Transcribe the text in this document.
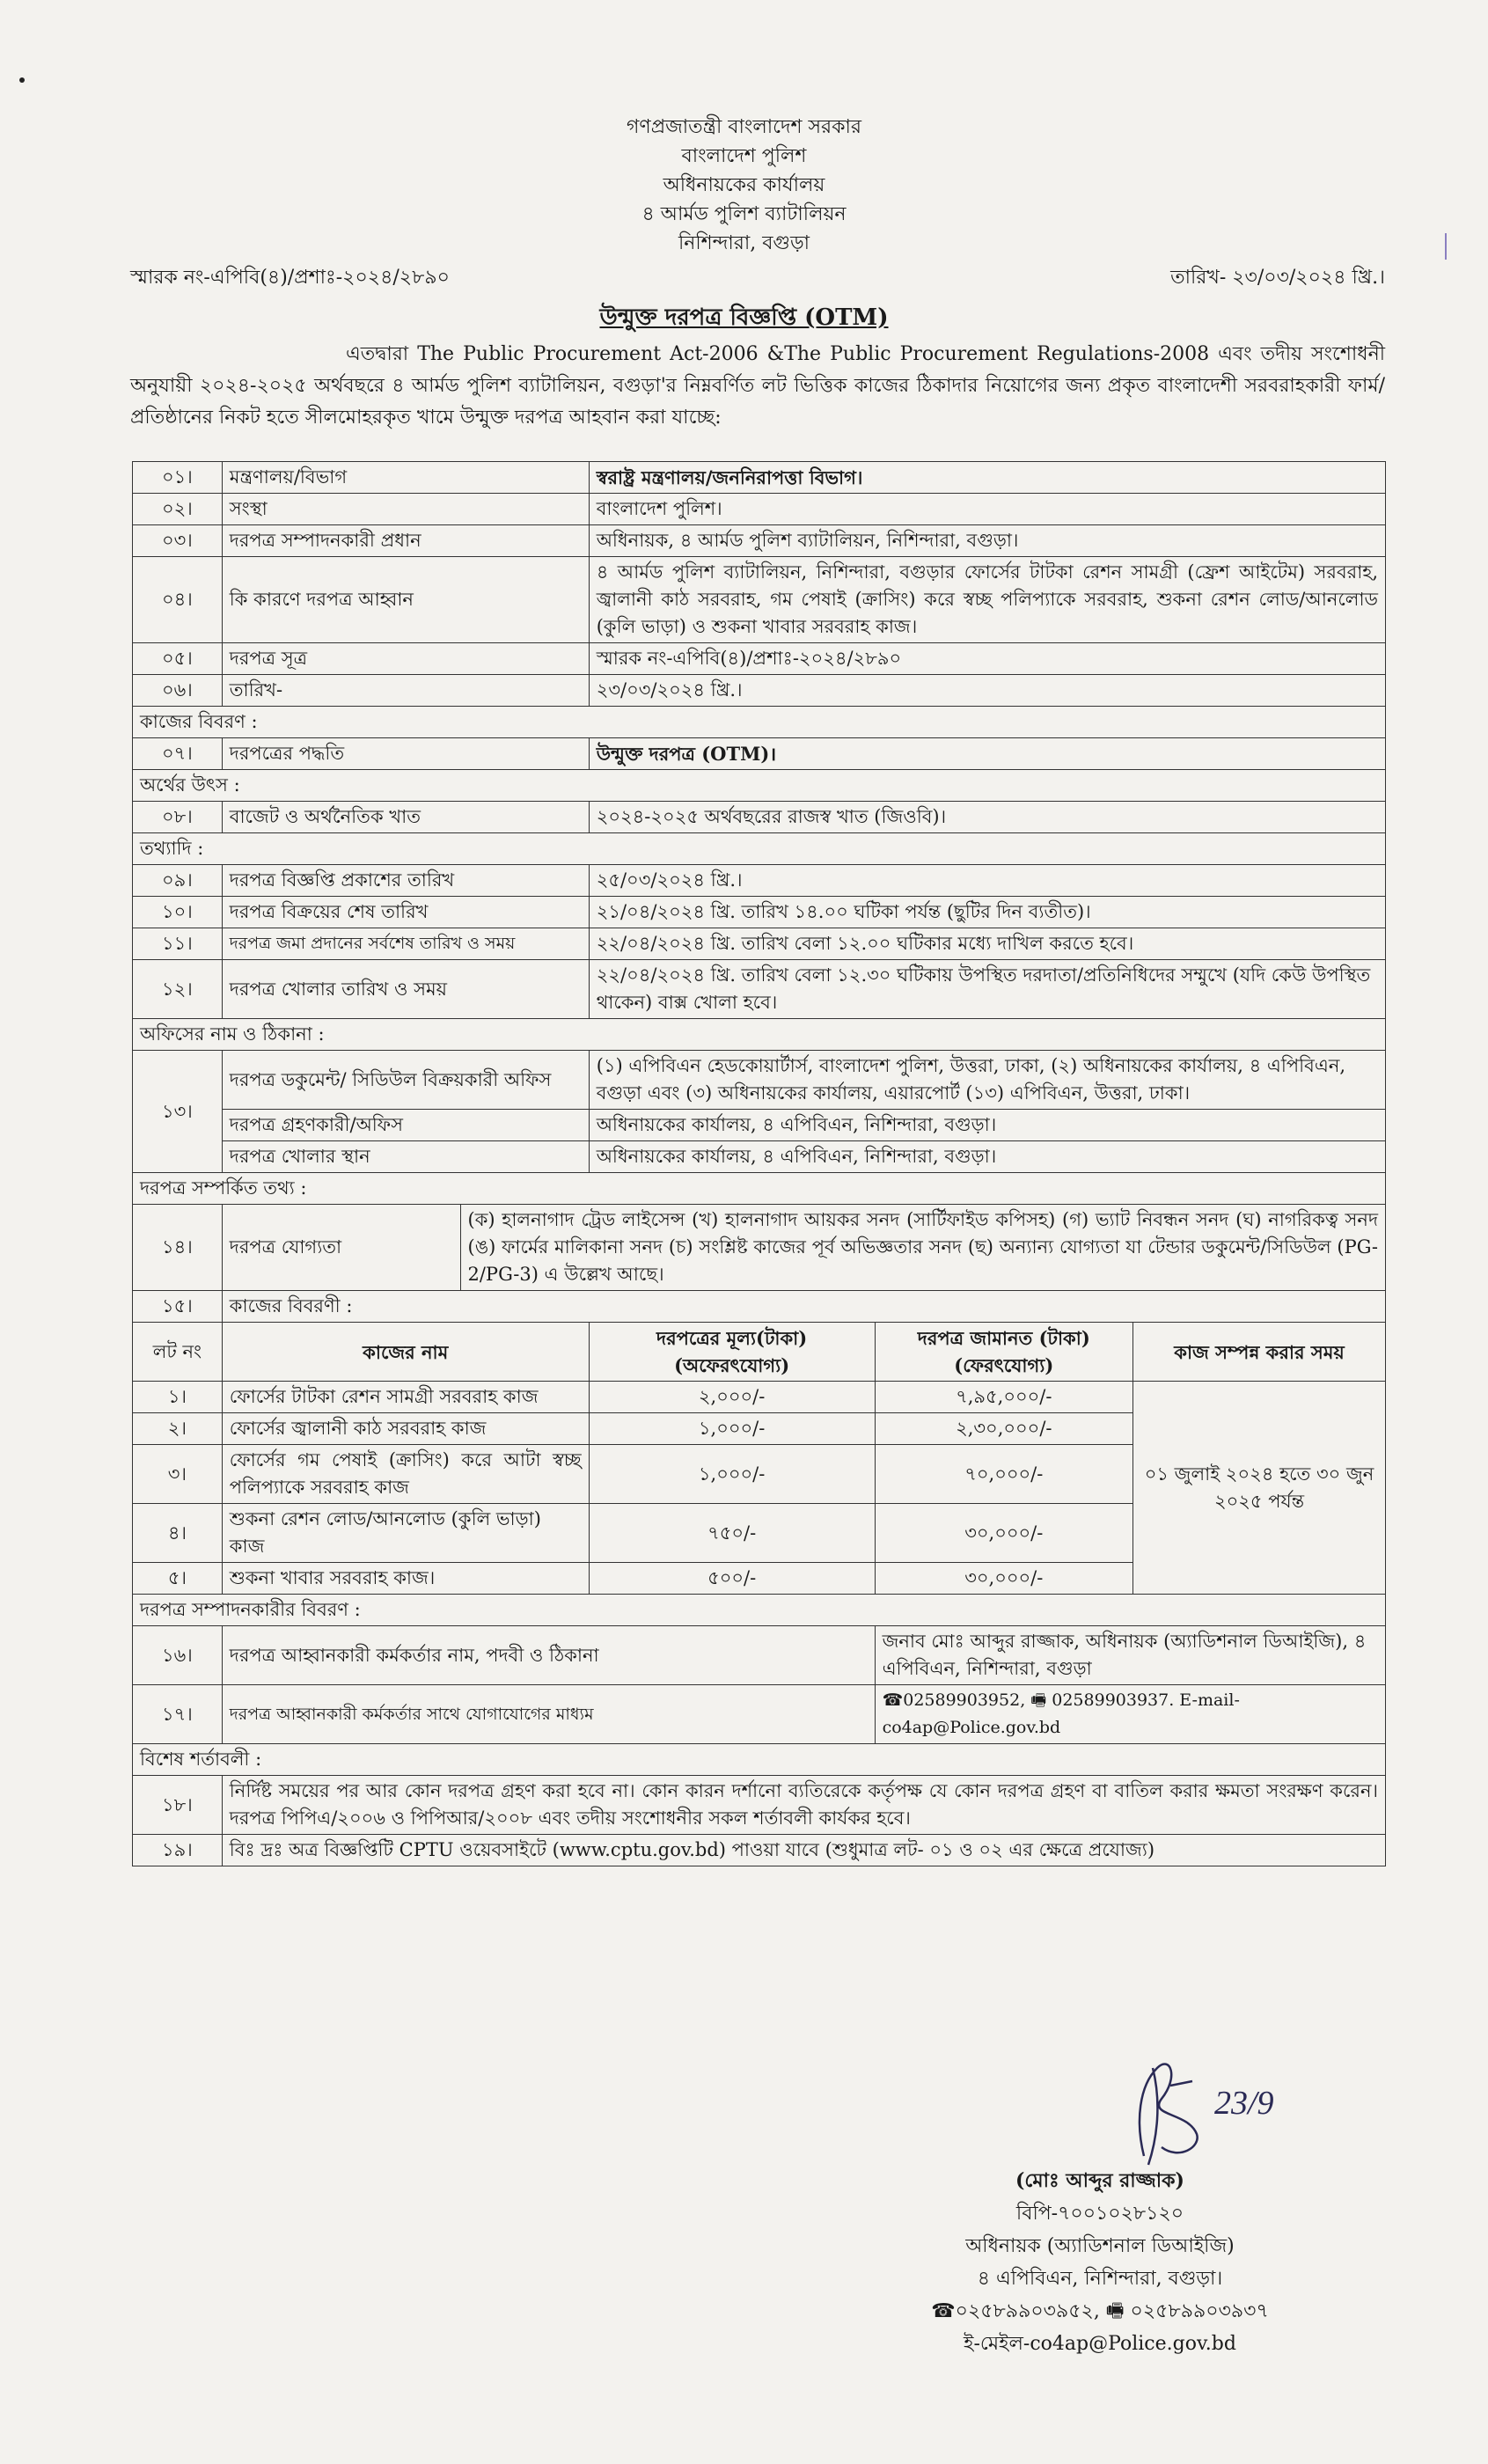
গণপ্রজাতন্ত্রী বাংলাদেশ সরকার
বাংলাদেশ পুলিশ
অধিনায়কের কার্যালয়
৪ আর্মড পুলিশ ব্যাটালিয়ন
নিশিন্দারা, বগুড়া
স্মারক নং-এপিবি(৪)/প্রশাঃ-২০২৪/২৮৯০	তারিখ- ২৩/০৩/২০২৪ খ্রি.।
উন্মুক্ত দরপত্র বিজ্ঞপ্তি (OTM)
এতদ্বারা The Public Procurement Act-2006 &The Public Procurement Regulations-2008 এবং তদীয় সংশোধনী অনুযায়ী ২০২৪-২০২৫ অর্থবছরে ৪ আর্মড পুলিশ ব্যাটালিয়ন, বগুড়া'র নিম্নবর্ণিত লট ভিত্তিক কাজের ঠিকাদার নিয়োগের জন্য প্রকৃত বাংলাদেশী সরবরাহকারী ফার্ম/প্রতিষ্ঠানের নিকট হতে সীলমোহরকৃত খামে উন্মুক্ত দরপত্র আহবান করা যাচ্ছে:
০১।	মন্ত্রণালয়/বিভাগ		স্বরাষ্ট্র মন্ত্রণালয়/জননিরাপত্তা বিভাগ।		
০২।	সংস্থা		বাংলাদেশ পুলিশ।		
০৩।	দরপত্র সম্পাদনকারী প্রধান		অধিনায়ক, ৪ আর্মড পুলিশ ব্যাটালিয়ন, নিশিন্দারা, বগুড়া।		
০৪।	কি কারণে দরপত্র আহ্বান		৪ আর্মড পুলিশ ব্যাটালিয়ন, নিশিন্দারা, বগুড়ার ফোর্সের টাটকা রেশন সামগ্রী (ফ্রেশ আইটেম) সরবরাহ, জ্বালানী কাঠ সরবরাহ, গম পেষাই (ক্রাসিং) করে স্বচ্ছ পলিপ্যাকে সরবরাহ, শুকনা রেশন লোড/আনলোড (কুলি ভাড়া) ও শুকনা খাবার সরবরাহ কাজ।		
০৫।	দরপত্র সূত্র		স্মারক নং-এপিবি(৪)/প্রশাঃ-২০২৪/২৮৯০		
০৬।	তারিখ-		২৩/০৩/২০২৪ খ্রি.।		
কাজের বিবরণ :					
০৭।	দরপত্রের পদ্ধতি		উন্মুক্ত দরপত্র (OTM)।		
অর্থের উৎস :					
০৮।	বাজেট ও অর্থনৈতিক খাত		২০২৪-২০২৫ অর্থবছরের রাজস্ব খাত (জিওবি)।		
তথ্যাদি :					
০৯।	দরপত্র বিজ্ঞপ্তি প্রকাশের তারিখ		২৫/০৩/২০২৪ খ্রি.।		
১০।	দরপত্র বিক্রয়ের শেষ তারিখ		২১/০৪/২০২৪ খ্রি. তারিখ ১৪.০০ ঘটিকা পর্যন্ত (ছুটির দিন ব্যতীত)।		
১১।	দরপত্র জমা প্রদানের সর্বশেষ তারিখ ও সময়		২২/০৪/২০২৪ খ্রি. তারিখ বেলা ১২.০০ ঘটিকার মধ্যে দাখিল করতে হবে।		
১২।	দরপত্র খোলার তারিখ ও সময়		২২/০৪/২০২৪ খ্রি. তারিখ বেলা ১২.৩০ ঘটিকায় উপস্থিত দরদাতা/প্রতিনিধিদের সম্মুখে (যদি কেউ উপস্থিত থাকেন) বাক্স খোলা হবে।		
অফিসের নাম ও ঠিকানা :					
১৩।	দরপত্র ডকুমেন্ট/ সিডিউল বিক্রয়কারী অফিস		(১) এপিবিএন হেডকোয়ার্টার্স, বাংলাদেশ পুলিশ, উত্তরা, ঢাকা, (২) অধিনায়কের কার্যালয়, ৪ এপিবিএন, বগুড়া এবং (৩) অধিনায়কের কার্যালয়, এয়ারপোর্ট (১৩) এপিবিএন, উত্তরা, ঢাকা।		
	দরপত্র গ্রহণকারী/অফিস		অধিনায়কের কার্যালয়, ৪ এপিবিএন, নিশিন্দারা, বগুড়া।		
	দরপত্র খোলার স্থান		অধিনায়কের কার্যালয়, ৪ এপিবিএন, নিশিন্দারা, বগুড়া।		
দরপত্র সম্পর্কিত তথ্য :					
১৪।	দরপত্র যোগ্যতা	(ক) হালনাগাদ ট্রেড লাইসেন্স (খ) হালনাগাদ আয়কর সনদ (সার্টিফাইড কপিসহ) (গ) ভ্যাট নিবন্ধন সনদ (ঘ) নাগরিকত্ব সনদ (ঙ) ফার্মের মালিকানা সনদ (চ) সংশ্লিষ্ট কাজের পূর্ব অভিজ্ঞতার সনদ (ছ) অন্যান্য যোগ্যতা যা টেন্ডার ডকুমেন্ট/সিডিউল (PG-2/PG-3) এ উল্লেখ আছে।			
১৫।	কাজের বিবরণী :				
লট নং	কাজের নাম		দরপত্রের মূল্য(টাকা) (অফেরৎযোগ্য)	দরপত্র জামানত (টাকা) (ফেরৎযোগ্য)	কাজ সম্পন্ন করার সময়
১।	ফোর্সের টাটকা রেশন সামগ্রী সরবরাহ কাজ		২,০০০/-	৭,৯৫,০০০/-	০১ জুলাই ২০২৪ হতে ৩০ জুন ২০২৫ পর্যন্ত
২।	ফোর্সের জ্বালানী কাঠ সরবরাহ কাজ		১,০০০/-	২,৩০,০০০/-	
৩।	ফোর্সের গম পেষাই (ক্রাসিং) করে আটা স্বচ্ছ পলিপ্যাকে সরবরাহ কাজ		১,০০০/-	৭০,০০০/-	
৪।	শুকনা রেশন লোড/আনলোড (কুলি ভাড়া) কাজ		৭৫০/-	৩০,০০০/-	
৫।	শুকনা খাবার সরবরাহ কাজ।		৫০০/-	৩০,০০০/-	
দরপত্র সম্পাদনকারীর বিবরণ :					
১৬।	দরপত্র আহ্বানকারী কর্মকর্তার নাম, পদবী ও ঠিকানা			জনাব মোঃ আব্দুর রাজ্জাক, অধিনায়ক (অ্যাডিশনাল ডিআইজি), ৪ এপিবিএন, নিশিন্দারা, বগুড়া	
১৭।	দরপত্র আহ্বানকারী কর্মকর্তার সাথে যোগাযোগের মাধ্যম			☎02589903952, 🖷 02589903937. E-mail-co4ap@Police.gov.bd	
বিশেষ শর্তাবলী :					
১৮।	নির্দিষ্ট সময়ের পর আর কোন দরপত্র গ্রহণ করা হবে না। কোন কারন দর্শানো ব্যতিরেকে কর্তৃপক্ষ যে কোন দরপত্র গ্রহণ বা বাতিল করার ক্ষমতা সংরক্ষণ করেন। দরপত্র পিপিএ/২০০৬ ও পিপিআর/২০০৮ এবং তদীয় সংশোধনীর সকল শর্তাবলী কার্যকর হবে।				
১৯।	বিঃ দ্রঃ অত্র বিজ্ঞপ্তিটি CPTU ওয়েবসাইটে (www.cptu.gov.bd) পাওয়া যাবে (শুধুমাত্র লট- ০১ ও ০২ এর ক্ষেত্রে প্রযোজ্য)				
23/9
(মোঃ আব্দুর রাজ্জাক)
বিপি-৭০০১০২৮১২০
অধিনায়ক (অ্যাডিশনাল ডিআইজি)
৪ এপিবিএন, নিশিন্দারা, বগুড়া।
☎০২৫৮৯৯০৩৯৫২, 🖷 ০২৫৮৯৯০৩৯৩৭
ই-মেইল-co4ap@Police.gov.bd
